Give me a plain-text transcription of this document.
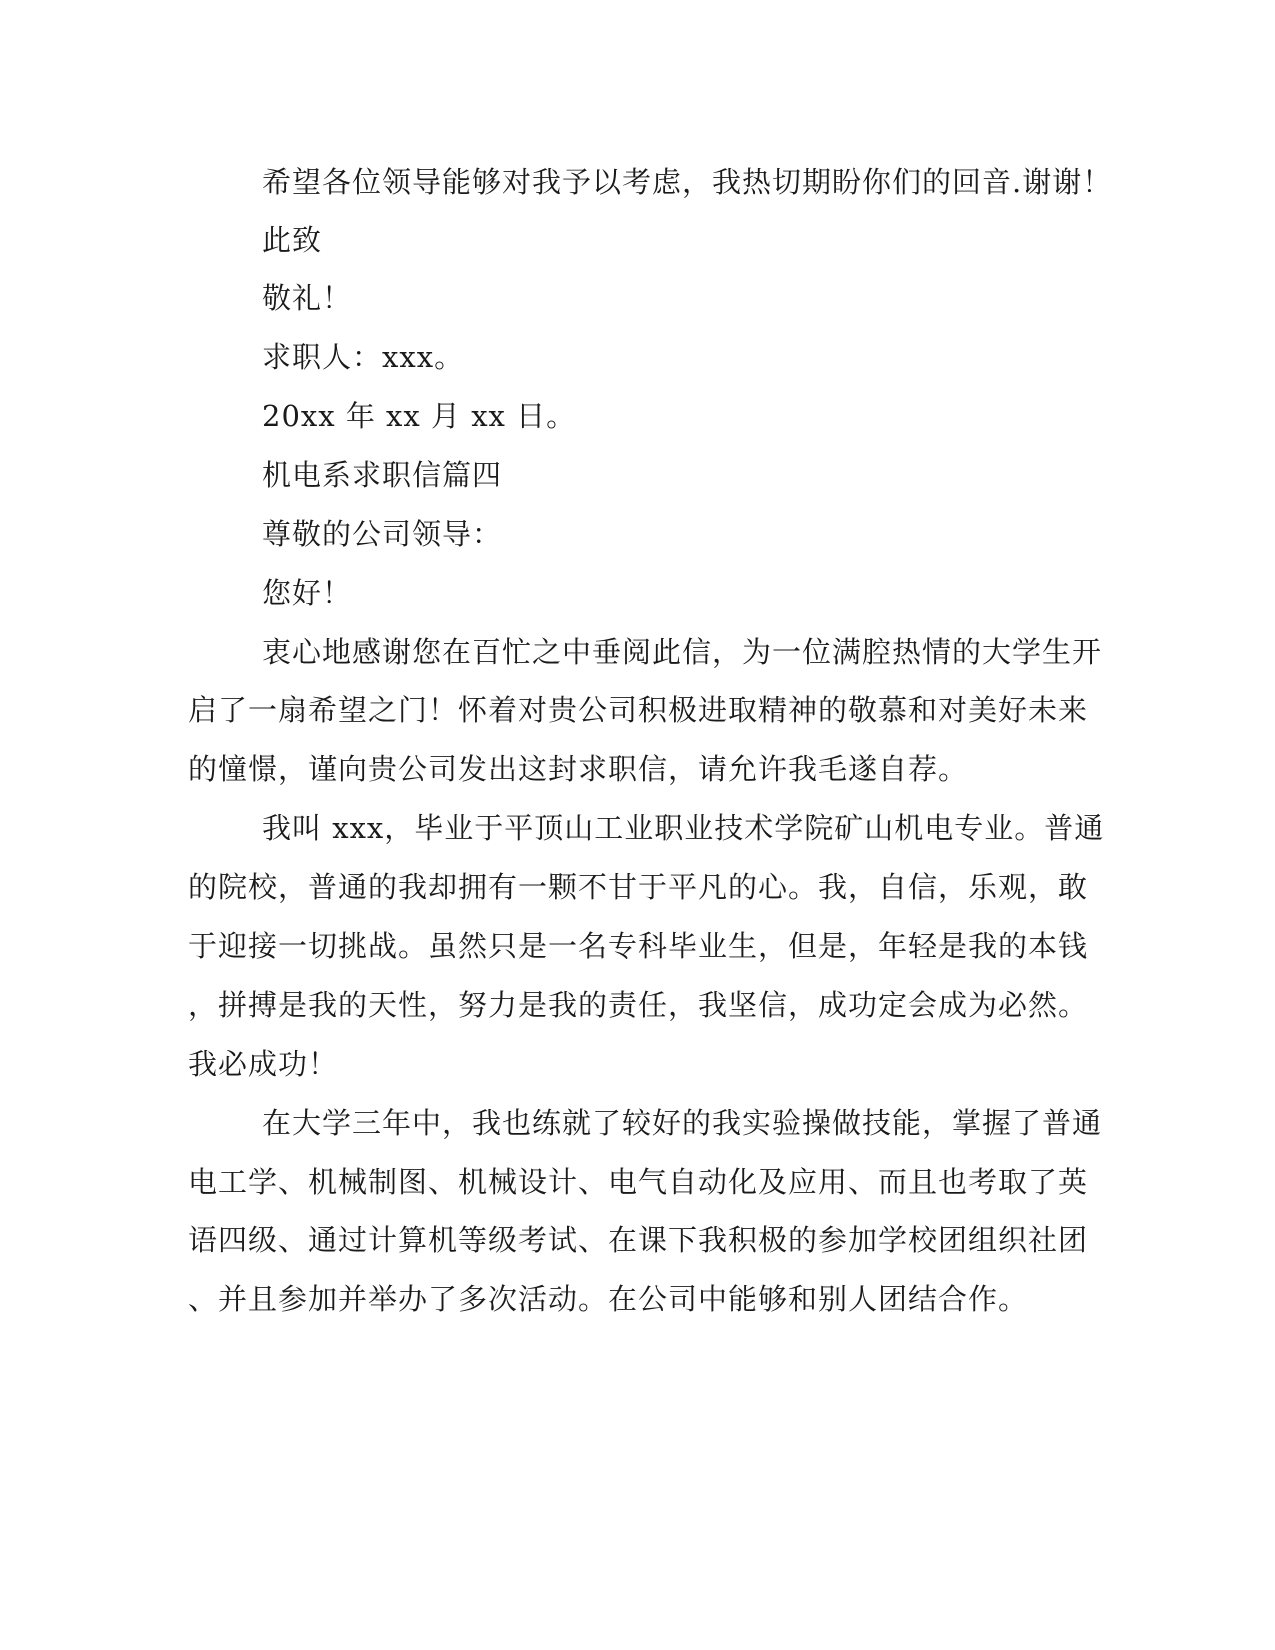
希望各位领导能够对我予以考虑，我热切期盼你们的回音.谢谢！
此致
敬礼！
求职人：xxx。
20xx 年 xx 月 xx 日。
机电系求职信篇四
尊敬的公司领导：
您好！
衷心地感谢您在百忙之中垂阅此信，为一位满腔热情的大学生开
启了一扇希望之门！怀着对贵公司积极进取精神的敬慕和对美好未来
的憧憬，谨向贵公司发出这封求职信，请允许我毛遂自荐。
我叫 xxx，毕业于平顶山工业职业技术学院矿山机电专业。普通
的院校，普通的我却拥有一颗不甘于平凡的心。我，自信，乐观，敢
于迎接一切挑战。虽然只是一名专科毕业生，但是，年轻是我的本钱
，拼搏是我的天性，努力是我的责任，我坚信，成功定会成为必然。
我必成功！
在大学三年中，我也练就了较好的我实验操做技能，掌握了普通
电工学、机械制图、机械设计、电气自动化及应用、而且也考取了英
语四级、通过计算机等级考试、在课下我积极的参加学校团组织社团
、并且参加并举办了多次活动。在公司中能够和别人团结合作。
